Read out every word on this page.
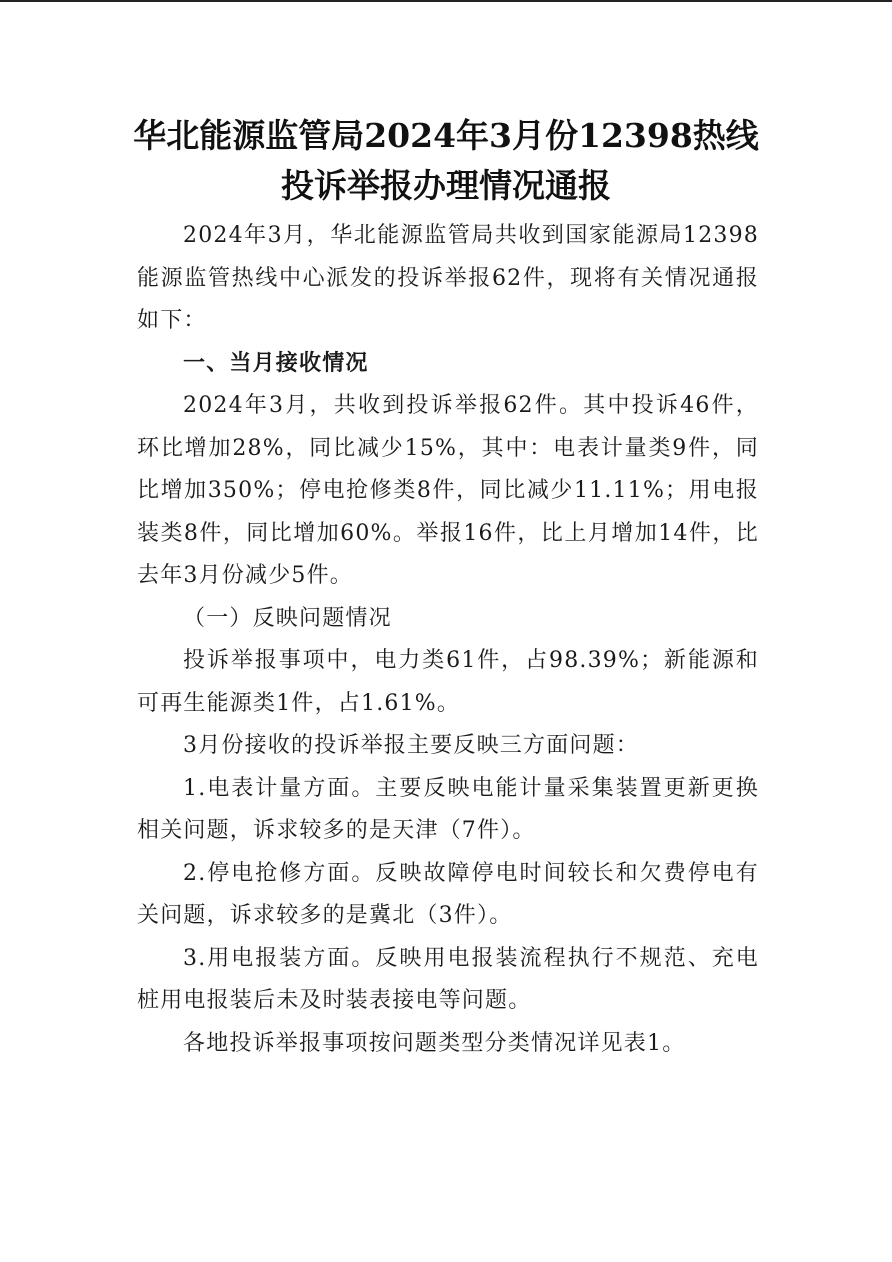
华北能源监管局2024年3月份12398热线
投诉举报办理情况通报

2024年3月，华北能源监管局共收到国家能源局12398能源监管热线中心派发的投诉举报62件，现将有关情况通报如下：

一、当月接收情况

2024年3月，共收到投诉举报62件。其中投诉46件，环比增加28%，同比减少15%，其中：电表计量类9件，同比增加350%；停电抢修类8件，同比减少11.11%；用电报装类8件，同比增加60%。举报16件，比上月增加14件，比去年3月份减少5件。

（一）反映问题情况

投诉举报事项中，电力类61件，占98.39%；新能源和可再生能源类1件，占1.61%。

3月份接收的投诉举报主要反映三方面问题：

1.电表计量方面。主要反映电能计量采集装置更新更换相关问题，诉求较多的是天津（7件）。

2.停电抢修方面。反映故障停电时间较长和欠费停电有关问题，诉求较多的是冀北（3件）。

3.用电报装方面。反映用电报装流程执行不规范、充电桩用电报装后未及时装表接电等问题。

各地投诉举报事项按问题类型分类情况详见表1。
